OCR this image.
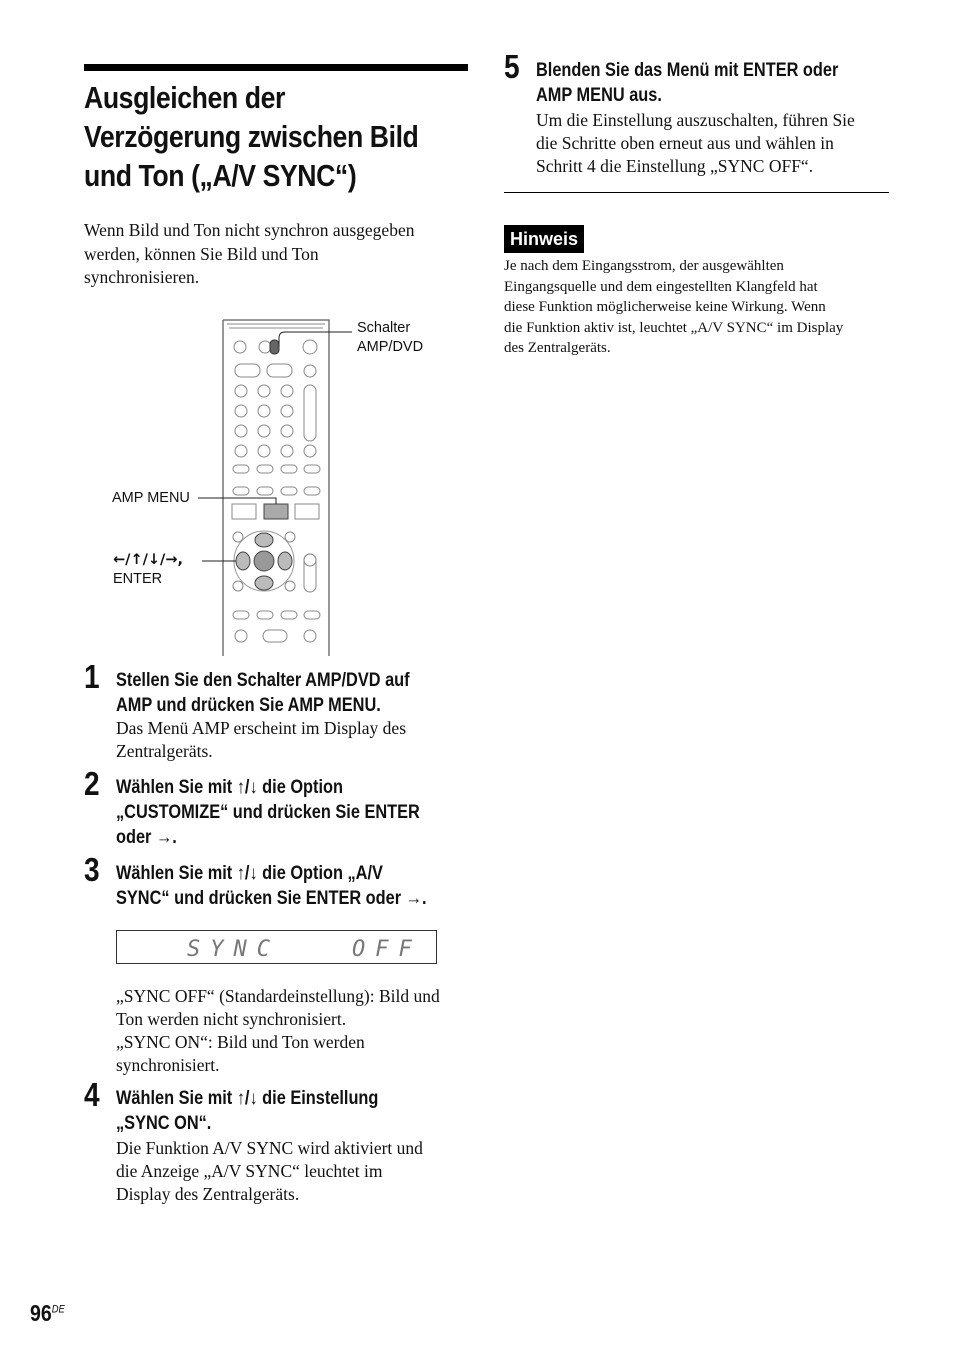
Ausgleichen der
Verzögerung zwischen Bild
und Ton („A/V SYNC“)
Wenn Bild und Ton nicht synchron ausgegeben
werden, können Sie Bild und Ton
synchronisieren.
Schalter
AMP/DVD
AMP MENU
←/↑/↓/→,
ENTER
1 Stellen Sie den Schalter AMP/DVD auf
AMP und drücken Sie AMP MENU.
Das Menü AMP erscheint im Display des
Zentralgeräts.
2 Wählen Sie mit ↑/↓ die Option
„CUSTOMIZE“ und drücken Sie ENTER
oder →.
3 Wählen Sie mit ↑/↓ die Option „A/V
SYNC“ und drücken Sie ENTER oder →.
SYNC	OFF
„SYNC OFF“ (Standardeinstellung): Bild und
Ton werden nicht synchronisiert.
„SYNC ON“: Bild und Ton werden
synchronisiert.
4 Wählen Sie mit ↑/↓ die Einstellung
„SYNC ON“.
Die Funktion A/V SYNC wird aktiviert und
die Anzeige „A/V SYNC“ leuchtet im
Display des Zentralgeräts.
5 Blenden Sie das Menü mit ENTER oder
AMP MENU aus.
Um die Einstellung auszuschalten, führen Sie
die Schritte oben erneut aus und wählen in
Schritt 4 die Einstellung „SYNC OFF“.
Hinweis
Je nach dem Eingangsstrom, der ausgewählten
Eingangsquelle und dem eingestellten Klangfeld hat
diese Funktion möglicherweise keine Wirkung. Wenn
die Funktion aktiv ist, leuchtet „A/V SYNC“ im Display
des Zentralgeräts.
96DE
